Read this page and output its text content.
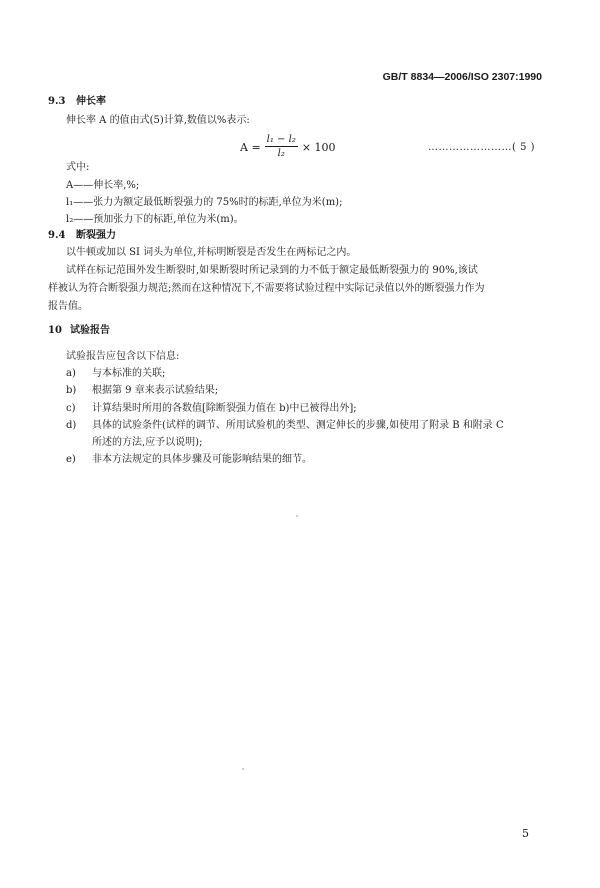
GB/T 8834—2006/ISO 2307:1990
9.3 伸长率
伸长率 A 的值由式(5)计算,数值以%表示:
$A = \frac{\text{l₁ − l₂}}{\text{l₂}} \times 100$	……………………( 5 )
式中:
A——伸长率,%;
l₁——张力为额定最低断裂强力的 75%时的标距,单位为米(m);
l₂——预加张力下的标距,单位为米(m)。
9.4 断裂强力
以牛顿或加以 SI 词头为单位,并标明断裂是否发生在两标记之内。
试样在标记范围外发生断裂时,如果断裂时所记录到的力不低于额定最低断裂强力的 90%,该试
样被认为符合断裂强力规范;然而在这种情况下,不需要将试验过程中实际记录值以外的断裂强力作为
报告值。
10 试验报告
试验报告应包含以下信息:
a) 与本标准的关联;
b) 根据第 9 章来表示试验结果;
c) 计算结果时所用的各数值[除断裂强力值在 b)中已被得出外];
d) 具体的试验条件(试样的调节、所用试验机的类型、测定伸长的步骤,如使用了附录 B 和附录 C
所述的方法,应予以说明);
e) 非本方法规定的具体步骤及可能影响结果的细节。
5
